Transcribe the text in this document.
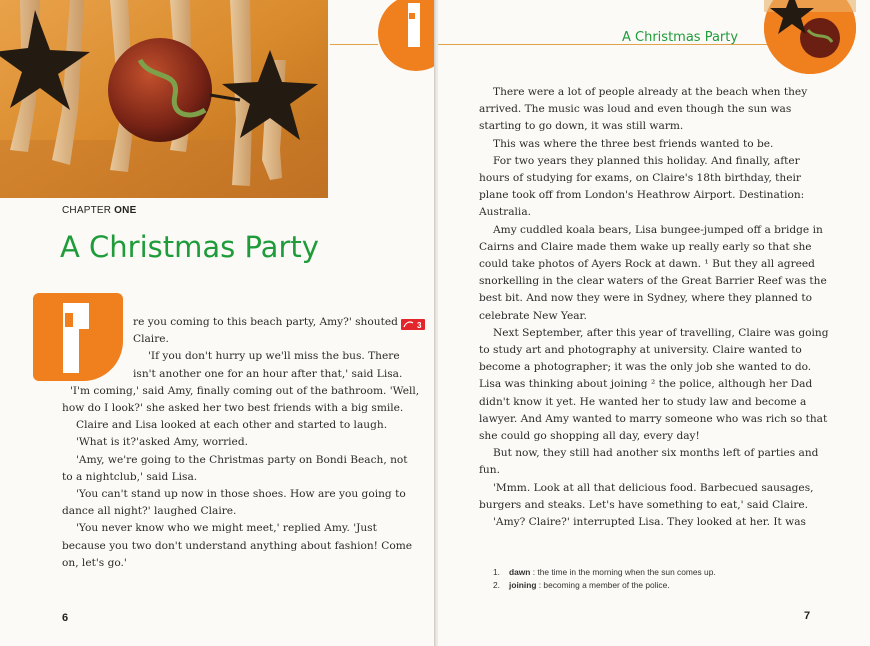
CHAPTER ONE
A Christmas Party
3

re you coming to this beach party, Amy?' shouted

Claire.

'If you don't hurry up we'll miss the bus. There

isn't another one for an hour after that,' said Lisa.

'I'm coming,' said Amy, finally coming out of the bathroom. 'Well,

how do I look?' she asked her two best friends with a big smile.

Claire and Lisa looked at each other and started to laugh.

'What is it?'asked Amy, worried.

'Amy, we're going to the Christmas party on Bondi Beach, not

to a nightclub,' said Lisa.

'You can't stand up now in those shoes. How are you going to

dance all night?' laughed Claire.

'You never know who we might meet,' replied Amy. 'Just

because you two don't understand anything about fashion! Come

on, let's go.'

6
A Christmas Party

There were a lot of people already at the beach when they

arrived. The music was loud and even though the sun was

starting to go down, it was still warm.

This was where the three best friends wanted to be.

For two years they planned this holiday. And finally, after

hours of studying for exams, on Claire's 18th birthday, their

plane took off from London's Heathrow Airport. Destination:

Australia.

Amy cuddled koala bears, Lisa bungee-jumped off a bridge in

Cairns and Claire made them wake up really early so that she

could take photos of Ayers Rock at dawn. ¹ But they all agreed

snorkelling in the clear waters of the Great Barrier Reef was the

best bit. And now they were in Sydney, where they planned to

celebrate New Year.

Next September, after this year of travelling, Claire was going

to study art and photography at university. Claire wanted to

become a photographer; it was the only job she wanted to do.

Lisa was thinking about joining ² the police, although her Dad

didn't know it yet. He wanted her to study law and become a

lawyer. And Amy wanted to marry someone who was rich so that

she could go shopping all day, every day!

But now, they still had another six months left of parties and

fun.

'Mmm. Look at all that delicious food. Barbecued sausages,

burgers and steaks. Let's have something to eat,' said Claire.

'Amy? Claire?' interrupted Lisa. They looked at her. It was

1. dawn : the time in the morning when the sun comes up.
2. joining : becoming a member of the police.
7
